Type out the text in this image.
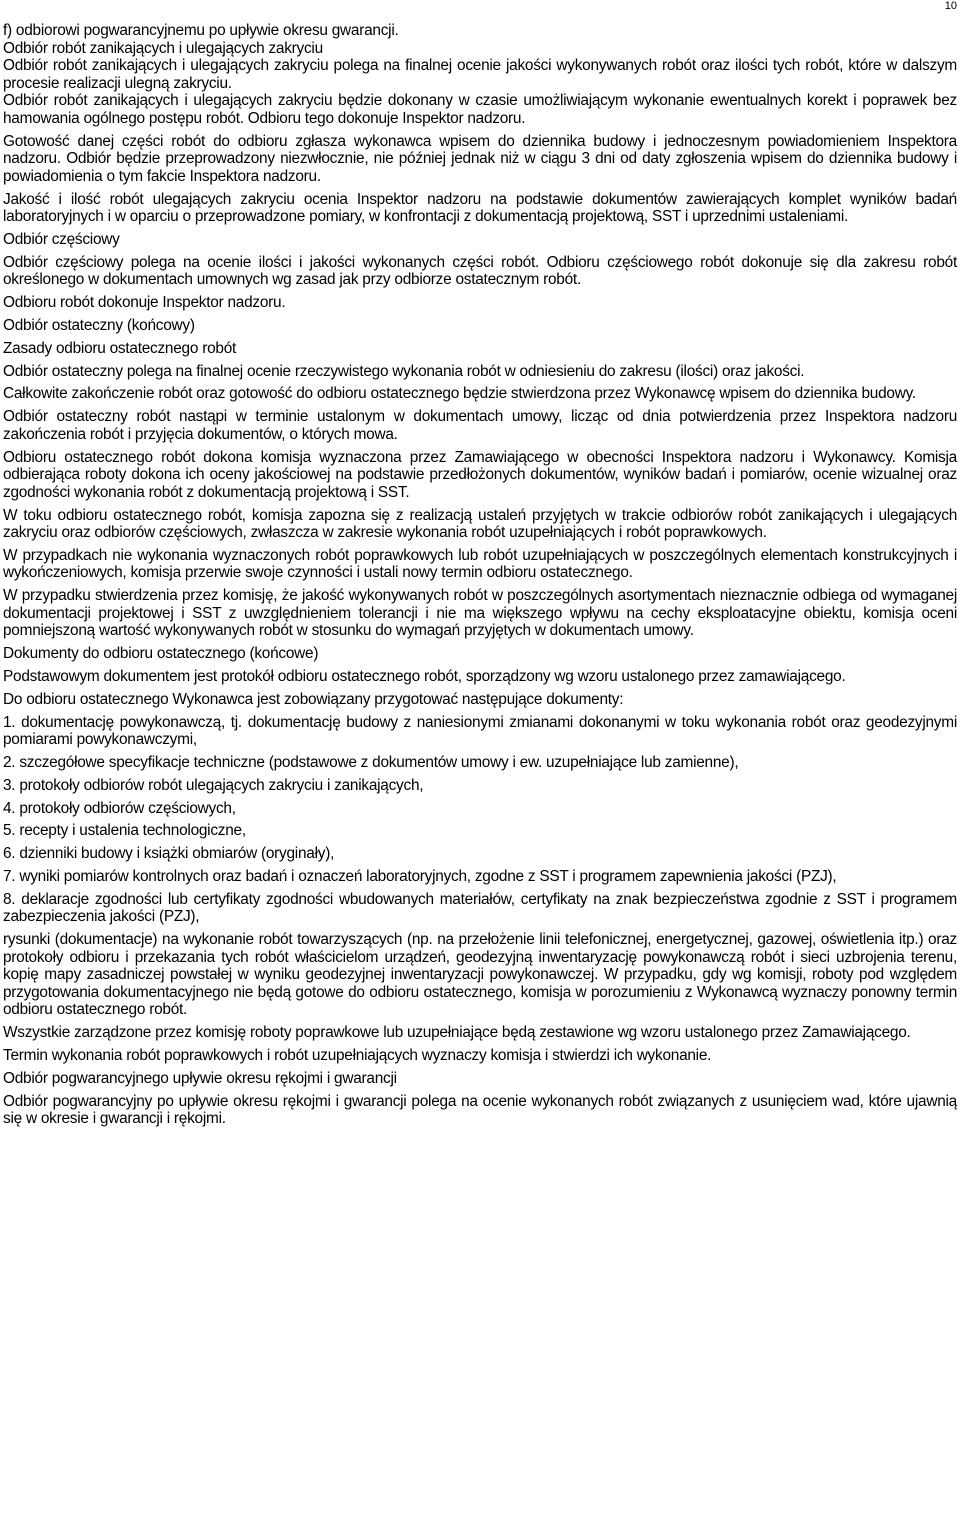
10

f) odbiorowi pogwarancyjnemu po upływie okresu gwarancji.

Odbiór robót zanikających i ulegających zakryciu

Odbiór robót zanikających i ulegających zakryciu polega na finalnej ocenie jakości wykonywanych robót oraz ilości tych robót, które w dalszym procesie realizacji ulegną zakryciu.

Odbiór robót zanikających i ulegających zakryciu będzie dokonany w czasie umożliwiającym wykonanie ewentualnych korekt i poprawek bez hamowania ogólnego postępu robót. Odbioru tego dokonuje Inspektor nadzoru.

Gotowość danej części robót do odbioru zgłasza wykonawca wpisem do dziennika budowy i jednoczesnym powiadomieniem Inspektora nadzoru. Odbiór będzie przeprowadzony niezwłocznie, nie później jednak niż w ciągu 3 dni od daty zgłoszenia wpisem do dziennika budowy i powiadomienia o tym fakcie Inspektora nadzoru.

Jakość i ilość robót ulegających zakryciu ocenia Inspektor nadzoru na podstawie dokumentów zawierających komplet wyników badań laboratoryjnych i w oparciu o przeprowadzone pomiary, w konfrontacji z dokumentacją projektową, SST i uprzednimi ustaleniami.

Odbiór częściowy

Odbiór częściowy polega na ocenie ilości i jakości wykonanych części robót. Odbioru częściowego robót dokonuje się dla zakresu robót określonego w dokumentach umownych wg zasad jak przy odbiorze ostatecznym robót.

Odbioru robót dokonuje Inspektor nadzoru.

Odbiór ostateczny (końcowy)

Zasady odbioru ostatecznego robót

Odbiór ostateczny polega na finalnej ocenie rzeczywistego wykonania robót w odniesieniu do zakresu (ilości) oraz jakości.

Całkowite zakończenie robót oraz gotowość do odbioru ostatecznego będzie stwierdzona przez Wykonawcę wpisem do dziennika budowy.

Odbiór ostateczny robót nastąpi w terminie ustalonym w dokumentach umowy, licząc od dnia potwierdzenia przez Inspektora nadzoru zakończenia robót i przyjęcia dokumentów, o których mowa.

Odbioru ostatecznego robót dokona komisja wyznaczona przez Zamawiającego w obecności Inspektora nadzoru i Wykonawcy. Komisja odbierająca roboty dokona ich oceny jakościowej na podstawie przedłożonych dokumentów, wyników badań i pomiarów, ocenie wizualnej oraz zgodności wykonania robót z dokumentacją projektową i SST.

W toku odbioru ostatecznego robót, komisja zapozna się z realizacją ustaleń przyjętych w trakcie odbiorów robót zanikających i ulegających zakryciu oraz odbiorów częściowych, zwłaszcza w zakresie wykonania robót uzupełniających i robót poprawkowych.

W przypadkach nie wykonania wyznaczonych robót poprawkowych lub robót uzupełniających w poszczególnych elementach konstrukcyjnych i wykończeniowych, komisja przerwie swoje czynności i ustali nowy termin odbioru ostatecznego.

W przypadku stwierdzenia przez komisję, że jakość wykonywanych robót w poszczególnych asortymentach nieznacznie odbiega od wymaganej dokumentacji projektowej i SST z uwzględnieniem tolerancji i nie ma większego wpływu na cechy eksploatacyjne obiektu, komisja oceni pomniejszoną wartość wykonywanych robót w stosunku do wymagań przyjętych w dokumentach umowy.

Dokumenty do odbioru ostatecznego (końcowe)

Podstawowym dokumentem jest protokół odbioru ostatecznego robót, sporządzony wg wzoru ustalonego przez zamawiającego.

Do odbioru ostatecznego Wykonawca jest zobowiązany przygotować następujące dokumenty:

1. dokumentację powykonawczą, tj. dokumentację budowy z naniesionymi zmianami dokonanymi w toku wykonania robót oraz geodezyjnymi pomiarami powykonawczymi,

2. szczegółowe specyfikacje techniczne (podstawowe z dokumentów umowy i ew. uzupełniające lub zamienne),

3. protokoły odbiorów robót ulegających zakryciu i zanikających,

4. protokoły odbiorów częściowych,

5. recepty i ustalenia technologiczne,

6. dzienniki budowy i książki obmiarów (oryginały),

7. wyniki pomiarów kontrolnych oraz badań i oznaczeń laboratoryjnych, zgodne z SST i programem zapewnienia jakości (PZJ),

8. deklaracje zgodności lub certyfikaty zgodności wbudowanych materiałów, certyfikaty na znak bezpieczeństwa zgodnie z SST i programem zabezpieczenia jakości (PZJ),

rysunki (dokumentacje) na wykonanie robót towarzyszących (np. na przełożenie linii telefonicznej, energetycznej, gazowej, oświetlenia itp.) oraz protokoły odbioru i przekazania tych robót właścicielom urządzeń, geodezyjną inwentaryzację powykonawczą robót i sieci uzbrojenia terenu, kopię mapy zasadniczej powstałej w wyniku geodezyjnej inwentaryzacji powykonawczej. W przypadku, gdy wg komisji, roboty pod względem przygotowania dokumentacyjnego nie będą gotowe do odbioru ostatecznego, komisja w porozumieniu z Wykonawcą wyznaczy ponowny termin odbioru ostatecznego robót.

Wszystkie zarządzone przez komisję roboty poprawkowe lub uzupełniające będą zestawione wg wzoru ustalonego przez Zamawiającego.

Termin wykonania robót poprawkowych i robót uzupełniających wyznaczy komisja i stwierdzi ich wykonanie.

Odbiór pogwarancyjnego upływie okresu rękojmi i gwarancji

Odbiór pogwarancyjny po upływie okresu rękojmi i gwarancji polega na ocenie wykonanych robót związanych z usunięciem wad, które ujawnią się w okresie i gwarancji i rękojmi.
